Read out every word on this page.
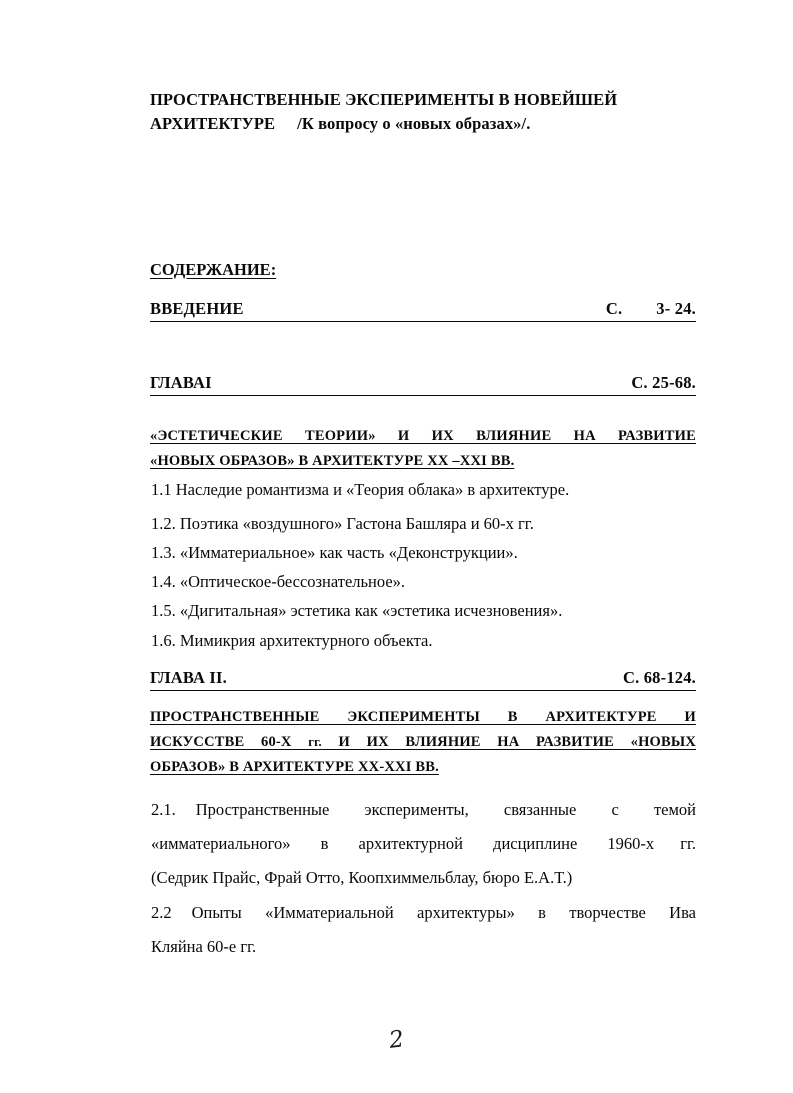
ПРОСТРАНСТВЕННЫЕ ЭКСПЕРИМЕНТЫ В НОВЕЙШЕЙ
АРХИТЕКТУРЕ /К вопросу о «новых образах»/.
СОДЕРЖАНИЕ:
ВВЕДЕНИЕ	С. 3- 24.
ГЛАВАI	С. 25-68.
«ЭСТЕТИЧЕСКИЕ ТЕОРИИ» И ИХ ВЛИЯНИЕ НА РАЗВИТИЕ
«НОВЫХ ОБРАЗОВ» В АРХИТЕКТУРЕ ХХ –XXI ВВ.
1.1 Наследие романтизма и «Теория облака» в архитектуре.
1.2. Поэтика «воздушного» Гастона Башляра и 60-х гг.
1.3. «Имматериальное» как часть «Деконструкции».
1.4. «Оптическое-бессознательное».
1.5. «Дигитальная» эстетика как «эстетика исчезновения».
1.6. Мимикрия архитектурного объекта.
ГЛАВА II.	С. 68-124.
ПРОСТРАНСТВЕННЫЕ ЭКСПЕРИМЕНТЫ В АРХИТЕКТУРЕ И
ИСКУССТВЕ 60-Х гг. И ИХ ВЛИЯНИЕ НА РАЗВИТИЕ «НОВЫХ
ОБРАЗОВ» В АРХИТЕКТУРЕ ХХ-XXI ВВ.
2.1. Пространственные эксперименты, связанные с темой
«имматериального» в архитектурной дисциплине 1960-х гг.
(Седрик Прайс, Фрай Отто, Коопхиммельблау, бюро Е.А.Т.)
2.2 Опыты «Имматериальной архитектуры» в творчестве Ива
Кляйна 60-е гг.
2
